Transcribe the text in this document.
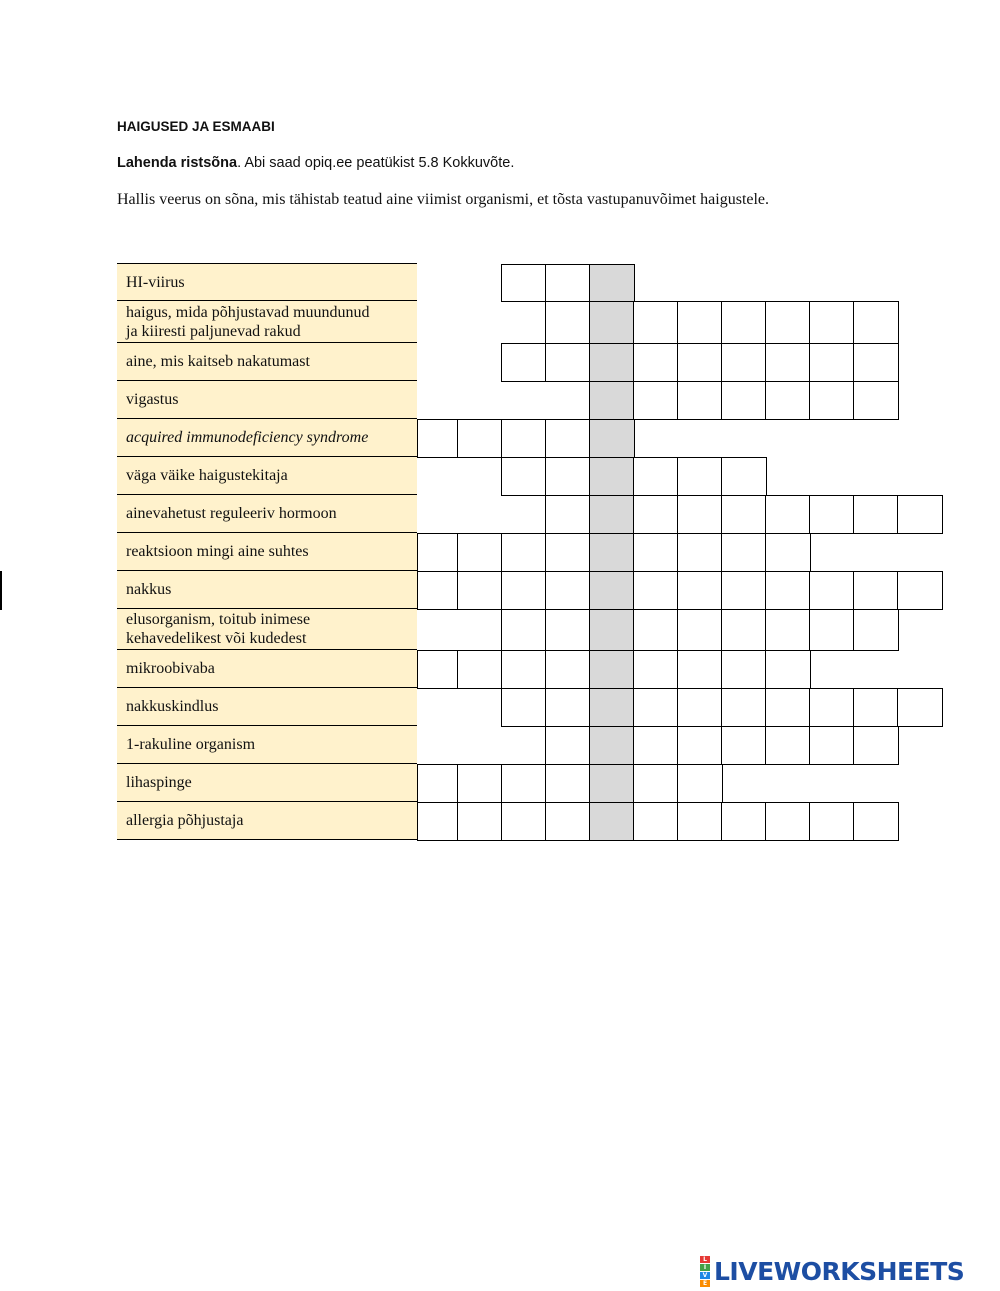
HAIGUSED JA ESMAABI
Lahenda ristsõna. Abi saad opiq.ee peatükist 5.8 Kokkuvõte.
Hallis veerus on sõna, mis tähistab teatud aine viimist organismi, et tõsta vastupanuvõimet haigustele.
HI-viirus
haigus, mida põhjustavad muundunud
ja kiiresti paljunevad rakud
aine, mis kaitseb nakatumast
vigastus
acquired immunodeficiency syndrome
väga väike haigustekitaja
ainevahetust reguleeriv hormoon
reaktsioon mingi aine suhtes
nakkus
elusorganism, toitub inimese
kehavedelikest või kudedest
mikroobivaba
nakkuskindlus
1-rakuline organism
lihaspinge
allergia põhjustaja
L
I
V
E LIVEWORKSHEETS
